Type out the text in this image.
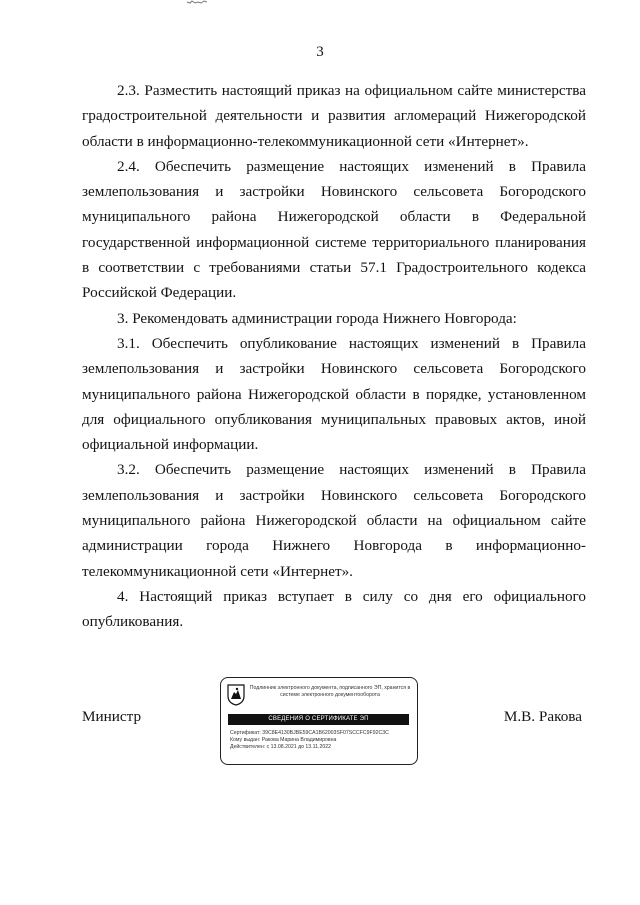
3

2.3. Разместить настоящий приказ на официальном сайте министерства градостроительной деятельности и развития агломераций Нижегородской области в информационно-телекоммуникационной сети «Интернет».

2.4. Обеспечить размещение настоящих изменений в Правила землепользования и застройки Новинского сельсовета Богородского муниципального района Нижегородской области в Федеральной государственной информационной системе территориального планирования в соответствии с требованиями статьи 57.1 Градостроительного кодекса Российской Федерации.

3. Рекомендовать администрации города Нижнего Новгорода:

3.1. Обеспечить опубликование настоящих изменений в Правила землепользования и застройки Новинского сельсовета Богородского муниципального района Нижегородской области в порядке, установленном для официального опубликования муниципальных правовых актов, иной официальной информации.

3.2. Обеспечить размещение настоящих изменений в Правила землепользования и застройки Новинского сельсовета Богородского муниципального района Нижегородской области на официальном сайте администрации города Нижнего Новгорода в информационно-телекоммуникационной сети «Интернет».

4. Настоящий приказ вступает в силу со дня его официального опубликования.

Министр	М.В. Ракова
Подлинник электронного документа, подписанного ЭП, хранится в системе электронного документооборота
СВЕДЕНИЯ О СЕРТИФИКАТЕ ЭП
Сертификат: 39C8E4130BJBE59CA1B62003SF07SCCFC9F92C3C
Кому выдан: Ракова Марина Владимировна
Действителен: с 13.08.2021 до 13.11.2022
